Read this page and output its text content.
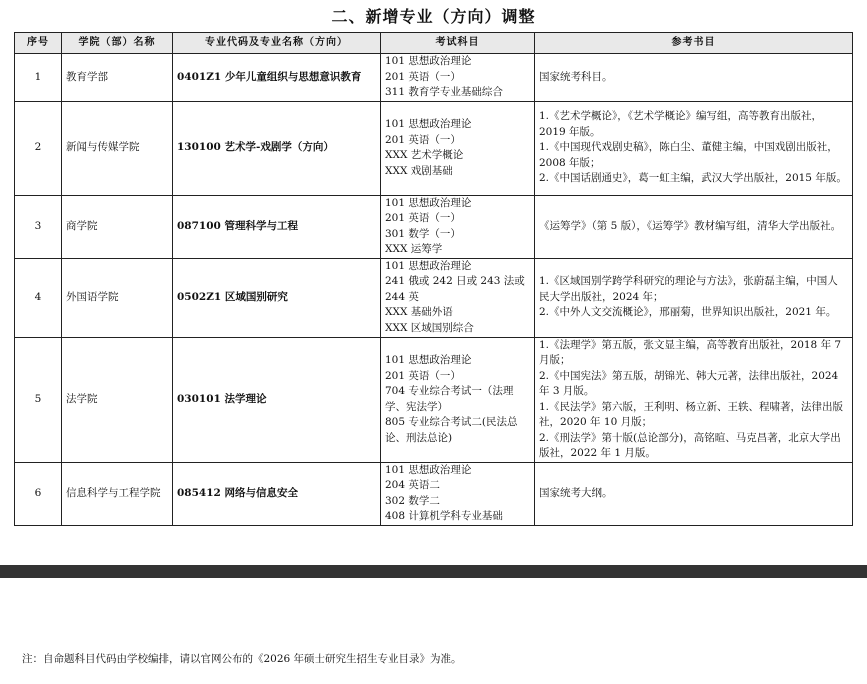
二、新增专业（方向）调整
序号	学院（部）名称	专业代码及专业名称（方向）	考试科目	参考书目
1	教育学部	0401Z1 少年儿童组织与思想意识教育	101 思想政治理论
201 英语（一）
311 教育学专业基础综合	国家统考科目。

2	新闻与传媒学院	130100 艺术学-戏剧学（方向）	101 思想政治理论
201 英语（一）
XXX 艺术学概论
XXX 戏剧基础	1.《艺术学概论》，《艺术学概论》编写组，高等教育出版社，2019 年版。
1.《中国现代戏剧史稿》，陈白尘、董健主编，中国戏剧出版社，2008 年版；
2.《中国话剧通史》，葛一虹主编，武汉大学出版社，2015 年版。

3	商学院	087100 管理科学与工程	101 思想政治理论
201 英语（一）
301 数学（一）
XXX 运筹学	《运筹学》（第 5 版），《运筹学》教材编写组，清华大学出版社。

4	外国语学院	0502Z1 区域国别研究	101 思想政治理论
241 俄或 242 日或 243 法或 244 英
XXX 基础外语
XXX 区域国别综合	1.《区域国别学跨学科研究的理论与方法》，张蔚磊主编，中国人民大学出版社，2024 年；
2.《中外人文交流概论》，邢丽菊，世界知识出版社，2021 年。

5	法学院	030101 法学理论	101 思想政治理论
201 英语（一）
704 专业综合考试一（法理学、宪法学）
805 专业综合考试二(民法总论、刑法总论)	1.《法理学》第五版，张文显主编，高等教育出版社，2018 年 7 月版；
2.《中国宪法》第五版，胡锦光、韩大元著，法律出版社，2024 年 3 月版。
1.《民法学》第六版，王利明、杨立新、王轶、程啸著，法律出版社，2020 年 10 月版；
2.《刑法学》第十版(总论部分)，高铭暄、马克昌著，北京大学出版社，2022 年 1 月版。

6	信息科学与工程学院	085412 网络与信息安全	101 思想政治理论
204 英语二
302 数学二
408 计算机学科专业基础	国家统考大纲。
注：自命题科目代码由学校编排，请以官网公布的《2026 年硕士研究生招生专业目录》为准。
